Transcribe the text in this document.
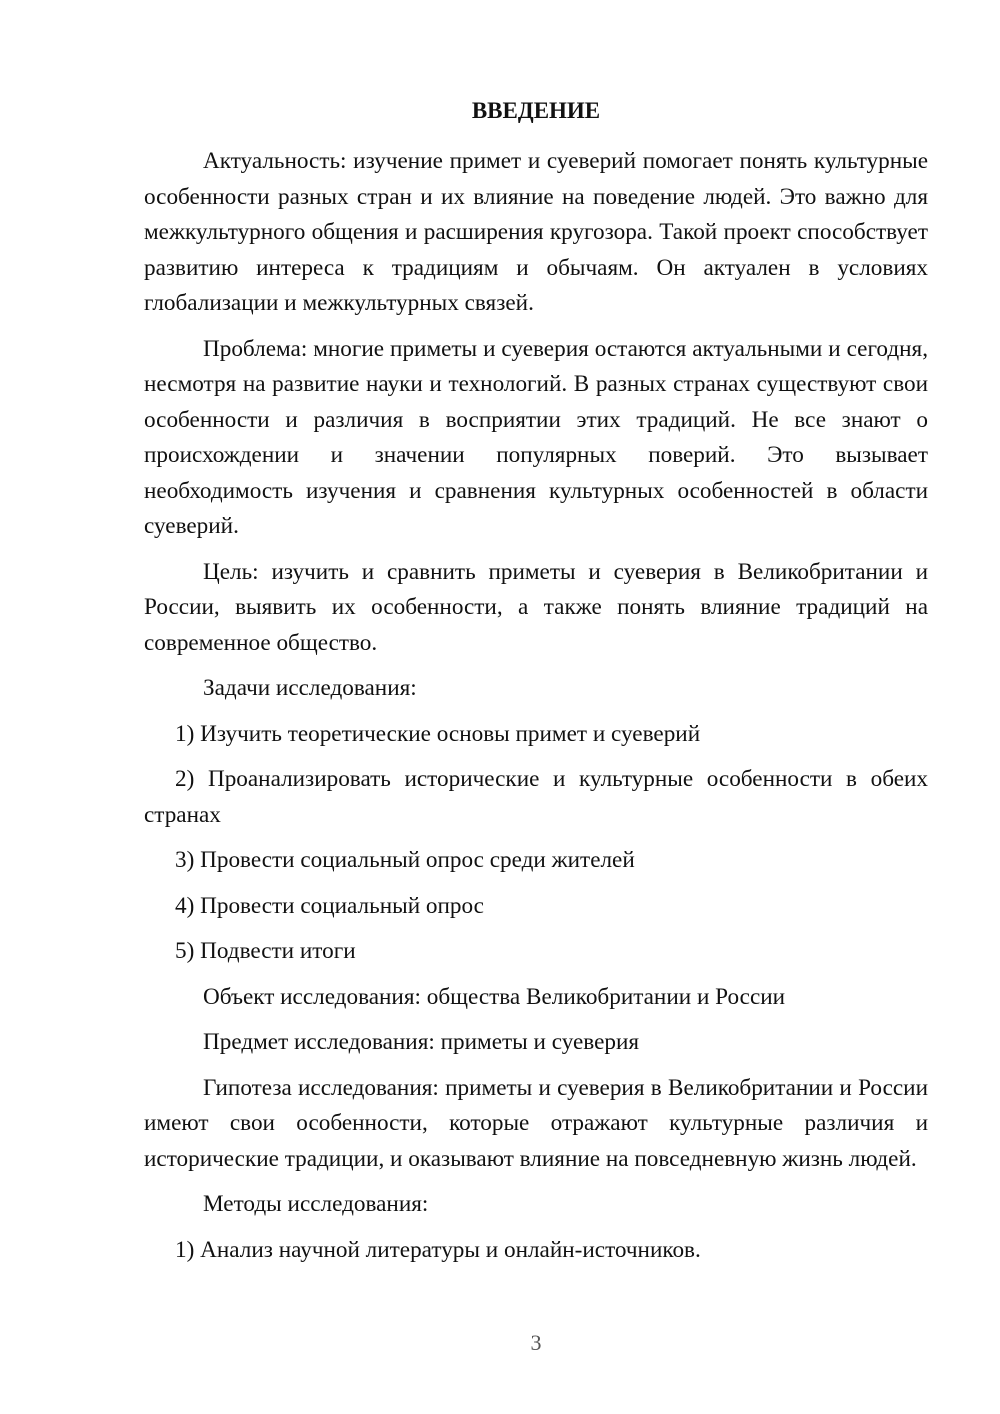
ВВЕДЕНИЕ

Актуальность: изучение примет и суеверий помогает понять культурные особенности разных стран и их влияние на поведение людей. Это важно для межкультурного общения и расширения кругозора. Такой проект способствует развитию интереса к традициям и обычаям. Он актуален в условиях глобализации и межкультурных связей.

Проблема: многие приметы и суеверия остаются актуальными и сегодня, несмотря на развитие науки и технологий. В разных странах существуют свои особенности и различия в восприятии этих традиций. Не все знают о происхождении и значении популярных поверий. Это вызывает необходимость изучения и сравнения культурных особенностей в области суеверий.

Цель: изучить и сравнить приметы и суеверия в Великобритании и России, выявить их особенности, а также понять влияние традиций на современное общество.

Задачи исследования:
1) Изучить теоретические основы примет и суеверий
2) Проанализировать исторические и культурные особенности в обеих странах
3) Провести социальный опрос среди жителей
4) Провести социальный опрос
5) Подвести итоги
Объект исследования: общества Великобритании и России
Предмет исследования: приметы и суеверия

Гипотеза исследования: приметы и суеверия в Великобритании и России имеют свои особенности, которые отражают культурные различия и исторические традиции, и оказывают влияние на повседневную жизнь людей.

Методы исследования:
1) Анализ научной литературы и онлайн-источников.
3
